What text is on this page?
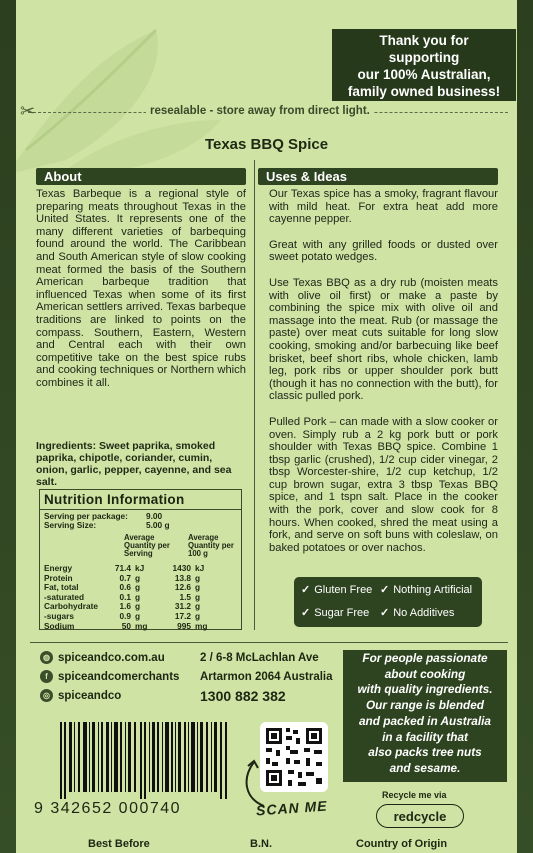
Thank you for
supporting
our 100% Australian,
family owned business!
✂	resealable - store away from direct light.
Texas BBQ Spice
About
Texas Barbeque is a regional style of preparing meats throughout Texas in the United States. It represents one of the many different varieties of barbequing found around the world. The Caribbean and South American style of slow cooking meat formed the basis of the Southern American barbeque tradition that influenced Texas when some of its first American settlers arrived. Texas barbeque traditions are linked to points on the compass. Southern, Eastern, Western and Central each with their own competitive take on the best spice rubs and cooking techniques or Northern which combines it all.
Ingredients: Sweet paprika, smoked paprika, chipotle, coriander, cumin, onion, garlic, pepper, cayenne, and sea salt.
Uses & Ideas

Our Texas spice has a smoky, fragrant flavour with mild heat. For extra heat add more cayenne pepper.

Great with any grilled foods or dusted over sweet potato wedges.

Use Texas BBQ as a dry rub (moisten meats with olive oil first) or make a paste by combining the spice mix with olive oil and massage into the meat. Rub (or massage the paste) over meat cuts suitable for long slow cooking, smoking and/or barbecuing like beef brisket, beef short ribs, whole chicken, lamb leg, pork ribs or upper shoulder pork butt (though it has no connection with the butt), for classic pulled pork.

Pulled Pork – can made with a slow cooker or oven. Simply rub a 2 kg pork butt or pork shoulder with Texas BBQ spice. Combine 1 tbsp garlic (crushed), 1/2 cup cider vinegar, 2 tbsp Worcester-shire, 1/2 cup ketchup, 1/2 cup brown sugar, extra 3 tbsp Texas BBQ spice, and 1 tspn salt. Place in the cooker with the pork, cover and slow cook for 8 hours. When cooked, shred the meat using a fork, and serve on soft buns with coleslaw, on baked potatoes or over nachos.

Nutrition Information
Serving per package: 9.00
Serving Size:	5.00 g
Average
Quantity per
Serving
Average
Quantity per
100 g
Energy	71.4 kJ	1430 kJ
Protein	0.7 g	13.8 g
Fat, total	0.6 g	12.6 g
-saturated	0.1 g	1.5 g
Carbohydrate	1.6 g	31.2 g
-sugars	0.9 g	17.2 g
Sodium	50 mg	995 mg
✓ Gluten Free ✓ Nothing Artificial
✓ Sugar Free ✓ No Additives
◍ spiceandco.com.au
f spiceandcomerchants
◎ spiceandco
2 / 6-8 McLachlan Ave
Artarmon 2064 Australia
1300 882 382
For people passionate
about cooking
with quality ingredients.
Our range is blended
and packed in Australia
in a facility that
also packs tree nuts
and sesame.
9 342652 000740	SCAN ME
Recycle me via
redcycle
Best Before	B.N.	Country of Origin
